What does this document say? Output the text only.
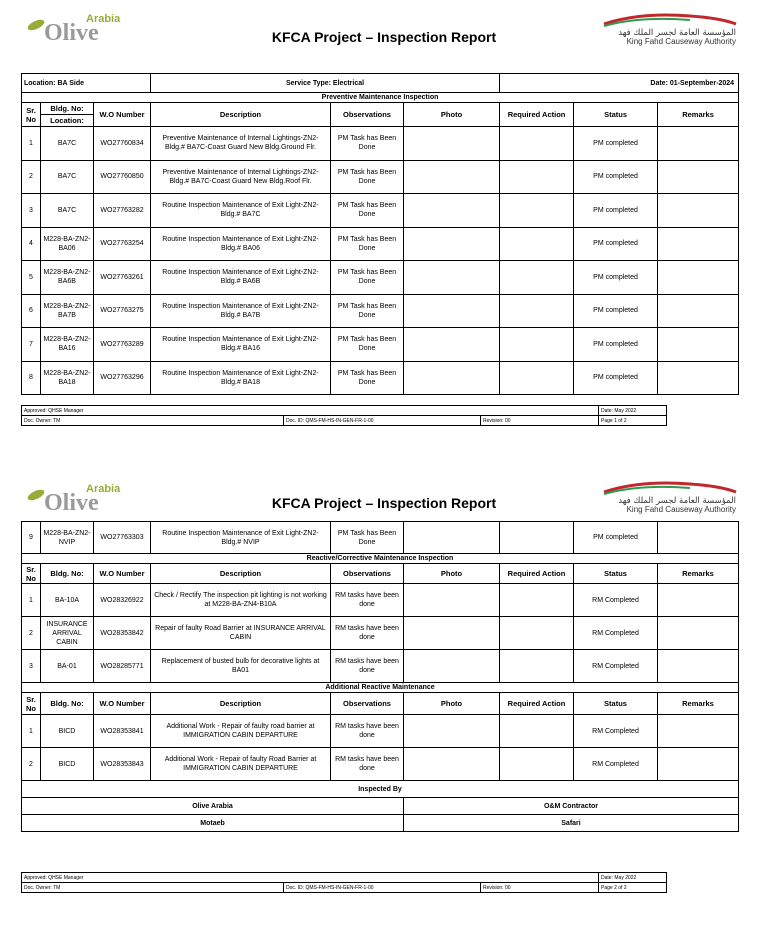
Arabia
Olive	KFCA Project – Inspection Report	المؤسسة العامة لجسر الملك فهد
King Fahd Causeway Authority
Location: BA Side			Service Type: Electrical			Date: 01-September-2024		
Preventive Maintenance Inspection								
Sr. No	Bldg. No:	W.O Number	Description	Observations	Photo	Required Action	Status	Remarks
	Location:							
1	BA7C	WO27760834	Preventive Maintenance of Internal Lightings-ZN2-Bldg.# BA7C-Coast Guard New Bldg.Ground Flr.	PM Task has Been Done			PM completed	
2	BA7C	WO27760850	Preventive Maintenance of Internal Lightings-ZN2-Bldg.# BA7C-Coast Guard New Bldg.Roof Flr.	PM Task has Been Done			PM completed	
3	BA7C	WO27763282	Routine Inspection Maintenance of Exit Light-ZN2-Bldg.# BA7C	PM Task has Been Done			PM completed	
4	M228-BA-ZN2-BA06	WO27763254	Routine Inspection Maintenance of Exit Light-ZN2-Bldg.# BA06	PM Task has Been Done			PM completed	
5	M228-BA-ZN2-BA6B	WO27763261	Routine Inspection Maintenance of Exit Light-ZN2-Bldg.# BA6B	PM Task has Been Done			PM completed	
6	M228-BA-ZN2-BA7B	WO27763275	Routine Inspection Maintenance of Exit Light-ZN2-Bldg.# BA7B	PM Task has Been Done			PM completed	
7	M228-BA-ZN2-BA16	WO27763289	Routine Inspection Maintenance of Exit Light-ZN2-Bldg.# BA16	PM Task has Been Done			PM completed	
8	M228-BA-ZN2-BA18	WO27763296	Routine Inspection Maintenance of Exit Light-ZN2-Bldg.# BA18	PM Task has Been Done			PM completed	
Approved: QHSE Manager			Date: May 2022
Doc. Owner: TM	Doc. ID: QMS-FM-HS-IN-GEN-FR-1-00	Revision: 00	Page 1 of 2
Arabia
Olive	KFCA Project – Inspection Report	المؤسسة العامة لجسر الملك فهد
King Fahd Causeway Authority
9	M228-BA-ZN2-NVIP	WO27763303	Routine Inspection Maintenance of Exit Light-ZN2-Bldg.# NVIP	PM Task has Been Done			PM completed	
Reactive/Corrective Maintenance Inspection								
Sr. No	Bldg. No:	W.O Number	Description	Observations	Photo	Required Action	Status	Remarks
1	BA-10A	WO28326922	Check / Rectify The inspection pit lighting is not working at M228-BA-ZN4-B10A	RM tasks have been done			RM Completed	
2	INSURANCE ARRIVAL CABIN	WO28353842	Repair of faulty Road Barrier at INSURANCE ARRIVAL CABIN	RM tasks have been done			RM Completed	
3	BA-01	WO28285771	Replacement of busted bulb for decorative lights at BA01	RM tasks have been done			RM Completed	
Additional Reactive Maintenance								
Sr. No	Bldg. No:	W.O Number	Description	Observations	Photo	Required Action	Status	Remarks
1	BICD	WO28353841	Additional Work - Repair of faulty road barrier at IMMIGRATION CABIN DEPARTURE	RM tasks have been done			RM Completed	
2	BICD	WO28353843	Additional Work - Repair of faulty Road Barrier at IMMIGRATION CABIN DEPARTURE	RM tasks have been done			RM Completed	
Inspected By								
Olive Arabia					O&M Contractor			
Motaeb					Safari			
Approved: QHSE Manager			Date: May 2022
Doc. Owner: TM	Doc. ID: QMS-FM-HS-IN-GEN-FR-1-00	Revision: 00	Page 2 of 2
